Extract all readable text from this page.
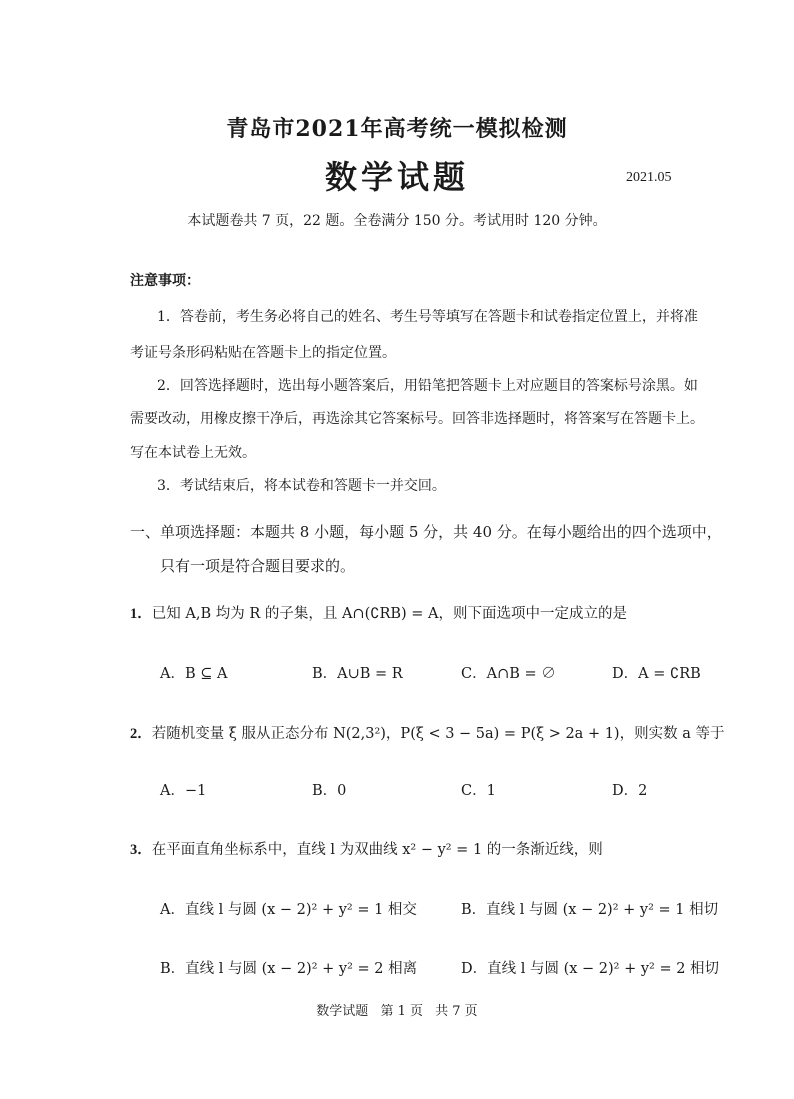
青岛市2021年高考统一模拟检测
数学试题	2021.05
本试题卷共 7 页，22 题。全卷满分 150 分。考试用时 120 分钟。
注意事项：
1．答卷前，考生务必将自己的姓名、考生号等填写在答题卡和试卷指定位置上，并将准
考证号条形码粘贴在答题卡上的指定位置。
2．回答选择题时，选出每小题答案后，用铅笔把答题卡上对应题目的答案标号涂黑。如
需要改动，用橡皮擦干净后，再选涂其它答案标号。回答非选择题时，将答案写在答题卡上。
写在本试卷上无效。
3．考试结束后，将本试卷和答题卡一并交回。
一、单项选择题：本题共 8 小题，每小题 5 分，共 40 分。在每小题给出的四个选项中，
只有一项是符合题目要求的。
1．已知 A,B 均为 R 的子集，且 A∩(∁RB) = A，则下面选项中一定成立的是
A．B ⊆ A	B．A∪B = R	C．A∩B = ∅	D．A = ∁RB
2．若随机变量 ξ 服从正态分布 N(2,3²)，P(ξ < 3 − 5a) = P(ξ > 2a + 1)，则实数 a 等于
A．−1	B．0	C．1	D．2
3．在平面直角坐标系中，直线 l 为双曲线 x² − y² = 1 的一条渐近线，则
A．直线 l 与圆 (x − 2)² + y² = 1 相交	B．直线 l 与圆 (x − 2)² + y² = 1 相切
B．直线 l 与圆 (x − 2)² + y² = 2 相离	D．直线 l 与圆 (x − 2)² + y² = 2 相切
数学试题 第 1 页 共 7 页
